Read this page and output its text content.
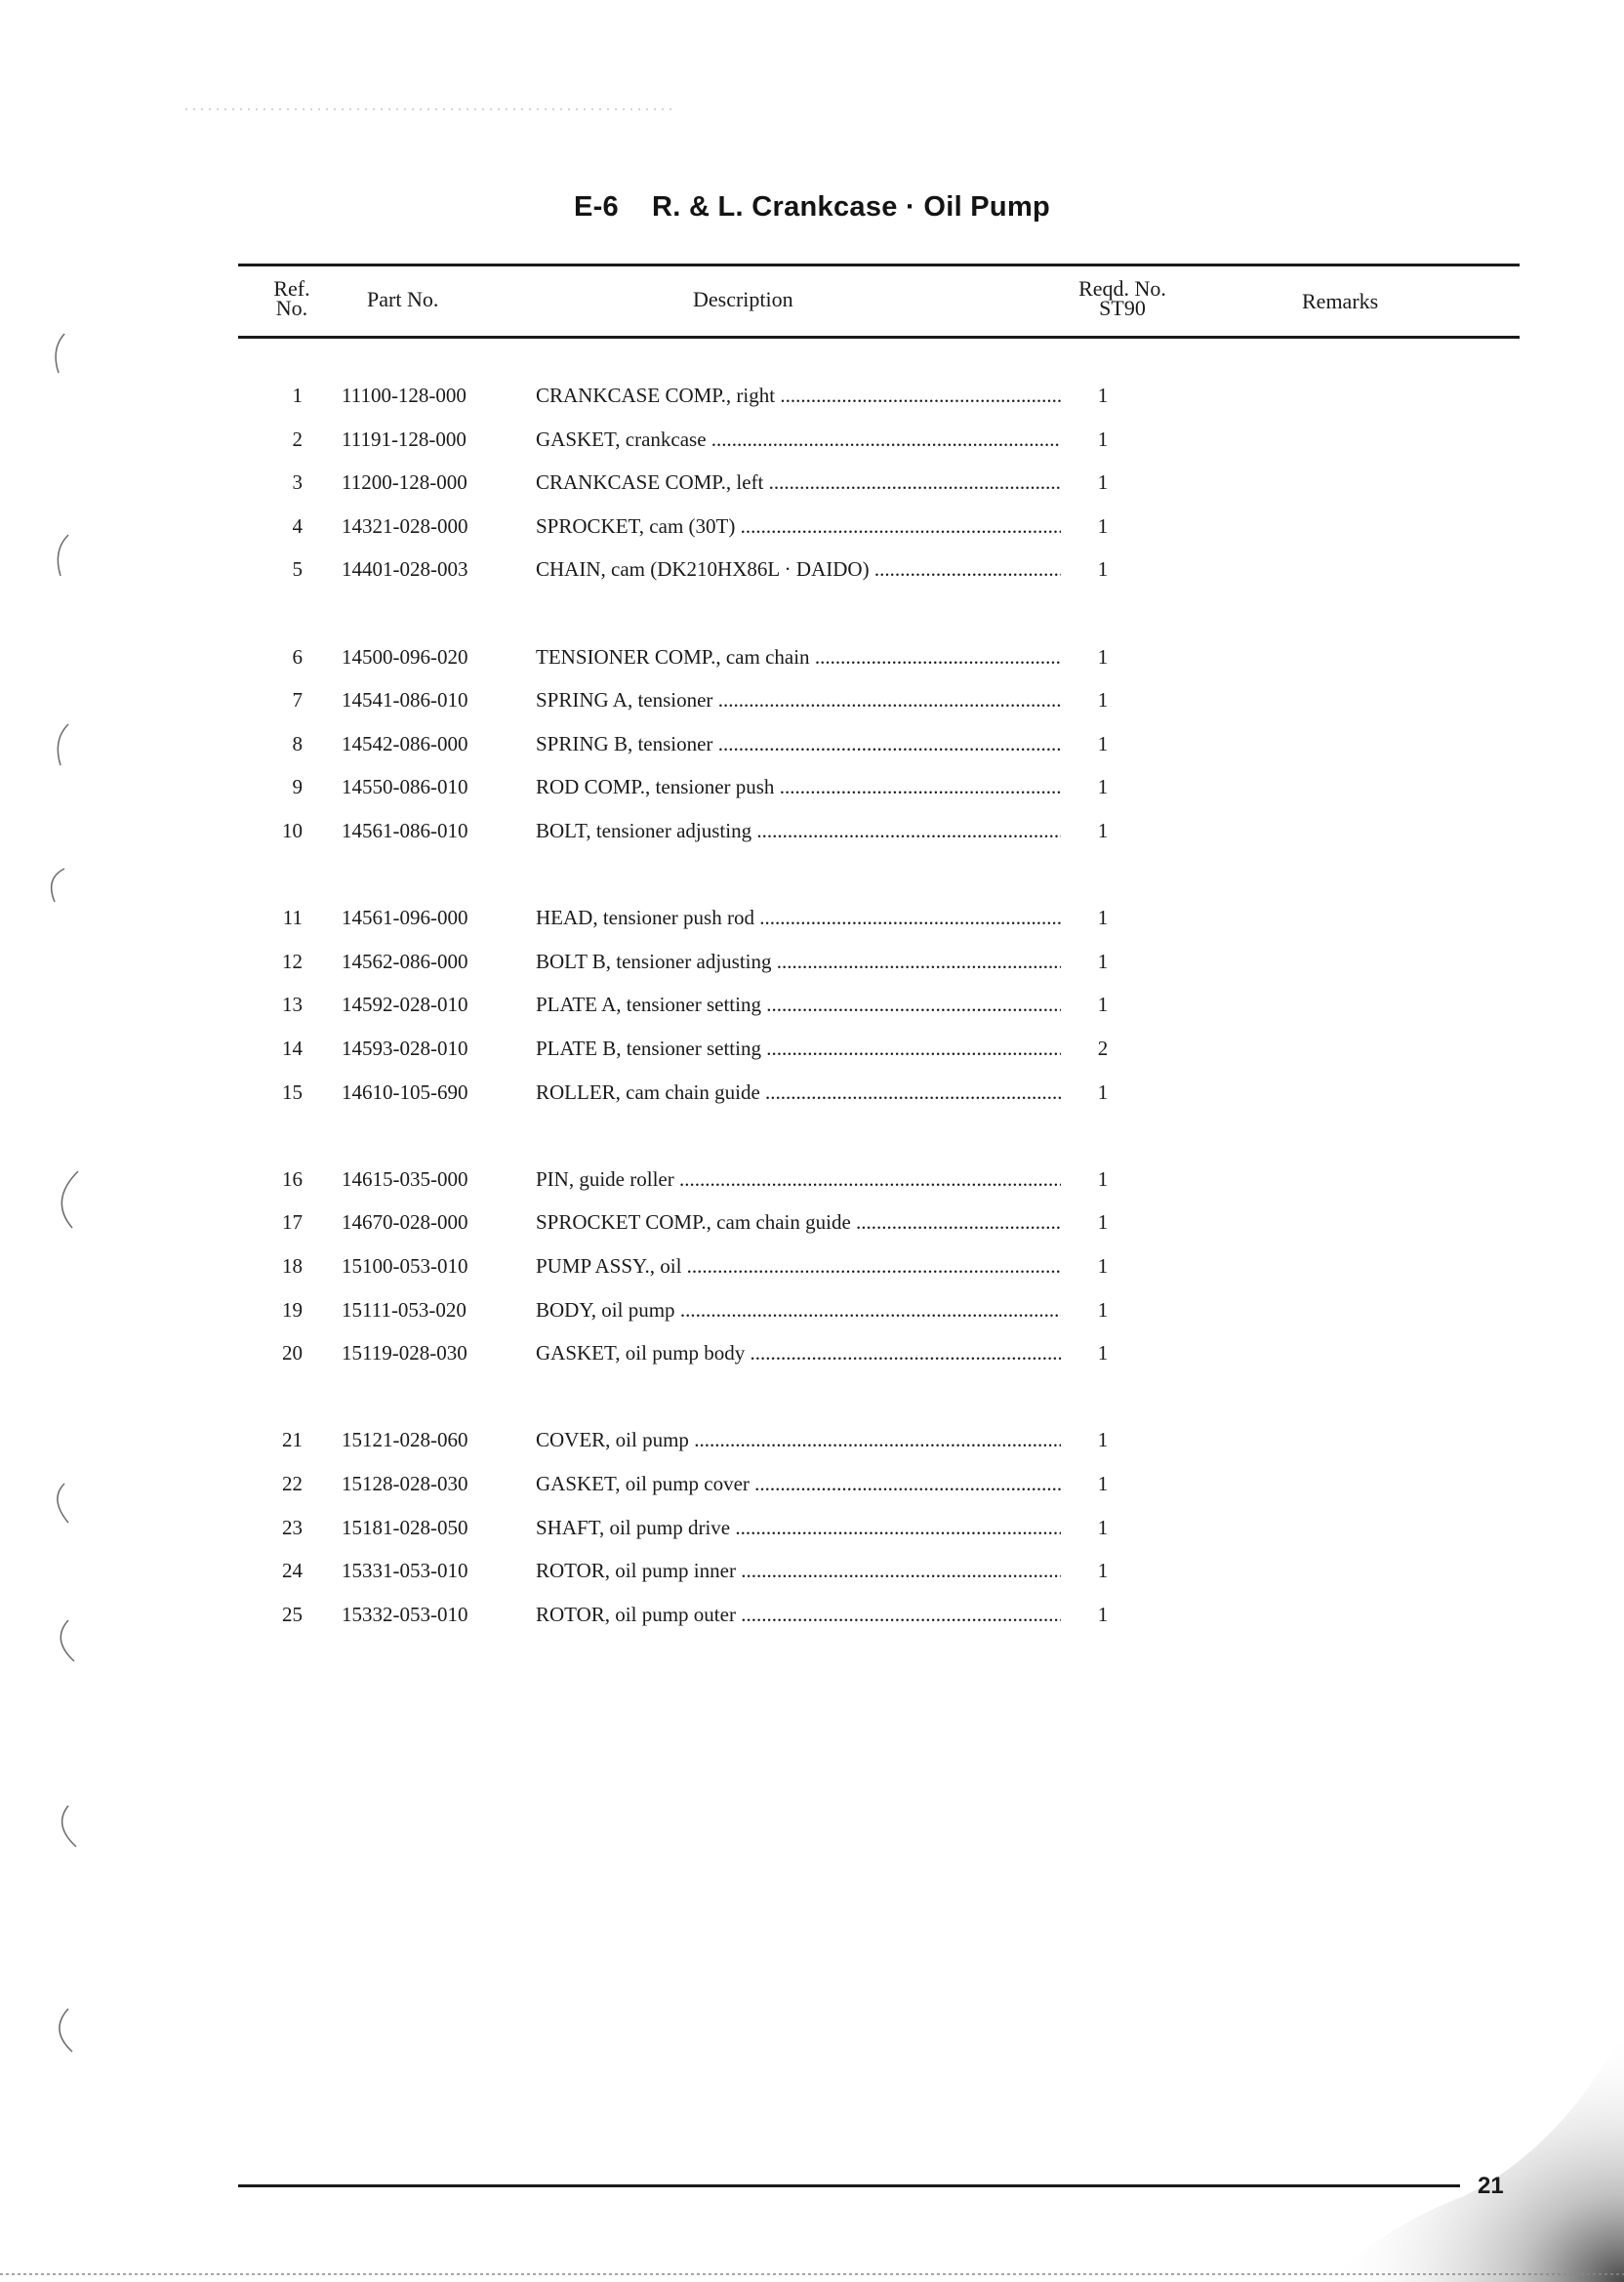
E-6 R. & L. Crankcase · Oil Pump
Ref. No.	Part No.	Description	Reqd. No. ST90	Remarks
1 11100-128-000	CRANKCASE COMP., right .....	1
2 11191-128-000	GASKET, crankcase .....	1
3 11200-128-000	CRANKCASE COMP., left .....	1
4 14321-028-000	SPROCKET, cam (30T) .....	1
5 14401-028-003	CHAIN, cam (DK210HX86L · DAIDO) .....	1
6 14500-096-020	TENSIONER COMP., cam chain .....	1
7 14541-086-010	SPRING A, tensioner .....	1
8 14542-086-000	SPRING B, tensioner .....	1
9 14550-086-010	ROD COMP., tensioner push .....	1
10 14561-086-010	BOLT, tensioner adjusting .....	1
11 14561-096-000	HEAD, tensioner push rod .....	1
12 14562-086-000	BOLT B, tensioner adjusting .....	1
13 14592-028-010	PLATE A, tensioner setting .....	1
14 14593-028-010	PLATE B, tensioner setting .....	2
15 14610-105-690	ROLLER, cam chain guide .....	1
16 14615-035-000	PIN, guide roller .....	1
17 14670-028-000	SPROCKET COMP., cam chain guide .....	1
18 15100-053-010	PUMP ASSY., oil .....	1
19 15111-053-020	BODY, oil pump .....	1
20 15119-028-030	GASKET, oil pump body .....	1
21 15121-028-060	COVER, oil pump .....	1
22 15128-028-030	GASKET, oil pump cover .....	1
23 15181-028-050	SHAFT, oil pump drive .....	1
24 15331-053-010	ROTOR, oil pump inner .....	1
25 15332-053-010	ROTOR, oil pump outer .....	1
21
